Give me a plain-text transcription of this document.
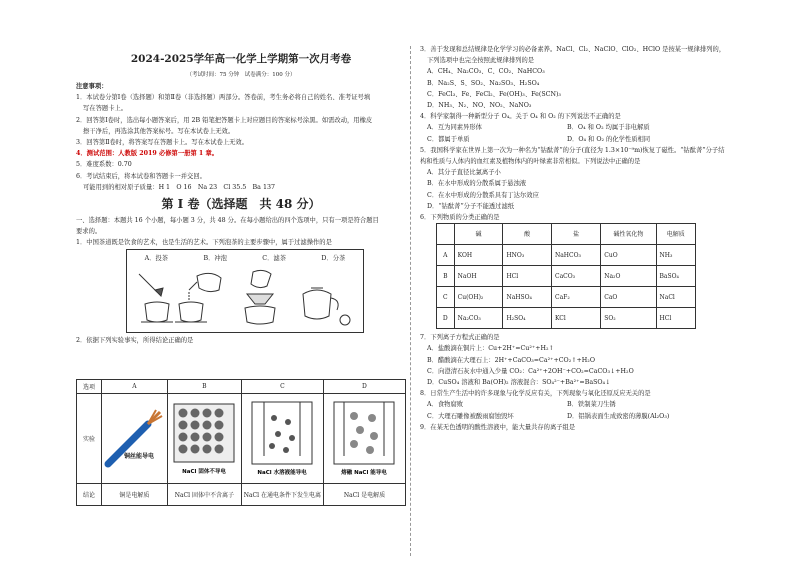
2024-2025学年高一化学上学期第一次月考卷
（考试时间：75 分钟　试卷满分：100 分）
注意事项：
1．本试卷分第Ⅰ卷（选择题）和第Ⅱ卷（非选择题）两部分。答卷前，考生务必将自己的姓名、准考证号填
写在答题卡上。
2．回答第Ⅰ卷时，选出每小题答案后，用 2B 铅笔把答题卡上对应题目的答案标号涂黑。如需改动，用橡皮
擦干净后，再选涂其他答案标号。写在本试卷上无效。
3．回答第Ⅱ卷时，将答案写在答题卡上。写在本试卷上无效。
4．测试范围：人教版 2019 必修第一册第 1 章。
5．难度系数：0.70
6．考试结束后，将本试卷和答题卡一并交回。
可能用到的相对原子质量：H 1　O 16　Na 23　Cl 35.5　Ba 137
第 I 卷（选择题　共 48 分）
一、选择题：本题共 16 个小题，每小题 3 分，共 48 分。在每小题给出的四个选项中，只有一项是符合题目
要求的。
1．中国茶道既是饮食的艺术，也是生活的艺术。下列泡茶的主要步骤中，属于过滤操作的是
A．投茶	B．冲泡	C．滤茶	D．分茶
2．依据下列实验事实，所得结论正确的是
选项	A	B	C	D
实验	铜丝能导电	NaCl 固体不导电	NaCl 水溶液能导电	熔融 NaCl 能导电

结论	铜是电解质	NaCl 固体中不含离子	NaCl 在通电条件下发生电离	NaCl 是电解质
3．善于发现和总结规律是化学学习的必备素养。NaCl、Cl₂、NaClO、ClO₂、HClO 是按某一规律排列的，
下列选项中也完全按照此规律排列的是
A．CH₄、Na₂CO₃、C、CO₂、NaHCO₃
B．Na₂S、S、SO₂、Na₂SO₃、H₂SO₄
C．FeCl₃、Fe、FeCl₂、Fe(OH)₃、Fe(SCN)₃
D．NH₃、N₂、NO、NO₂、NaNO₃
4．科学家制得一种新型分子 O₄。关于 O₄ 和 O₂ 的下列说法不正确的是
A．互为同素异形体	B．O₄ 和 O₂ 均属于非电解质
C．都属于单质	D．O₄ 和 O₂ 的化学性质相同
5．我国科学家在世界上第一次为一种名为“钴酞菁”的分子(直径为 1.3×10⁻⁹m)恢复了磁性。“钴酞菁”分子结
构和性质与人体内的血红素及植物体内的叶绿素非常相似。下列说法中正确的是
A．其分子直径比氯离子小
B．在水中形成的分散系属于悬浊液
C．在水中形成的分散系具有丁达尔效应
D．“钴酞菁”分子不能透过滤纸
6．下列物质的分类正确的是
	碱	酸	盐	碱性氧化物	电解质
A	KOH	HNO₃	NaHCO₃	CuO	NH₃
B	NaOH	HCl	CaCO₃	Na₂O	BaSO₄
C	Cu(OH)₂	NaHSO₄	CaF₂	CaO	NaCl
D	Na₂CO₃	H₂SO₄	KCl	SO₂	HCl
7．下列离子方程式正确的是
A．盐酸滴在铜片上：Cu+2H⁺=Cu²⁺+H₂↑
B．醋酸滴在大理石上：2H⁺+CaCO₃=Ca²⁺+CO₂↑+H₂O
C．向澄清石灰水中通入少量 CO₂：Ca²⁺+2OH⁻+CO₂=CaCO₃↓+H₂O
D．CuSO₄ 溶液和 Ba(OH)₂ 溶液混合：SO₄²⁻+Ba²⁺=BaSO₄↓
8．日常生产生活中的许多现象与化学反应有关，下列现象与氧化还原反应无关的是
A．食物腐败	B．铁制菜刀生锈
C．大理石雕像被酸雨腐蚀毁坏	D．铝锅表面生成致密的薄膜(Al₂O₃)
9．在某无色透明的酸性溶液中，能大量共存的离子组是
